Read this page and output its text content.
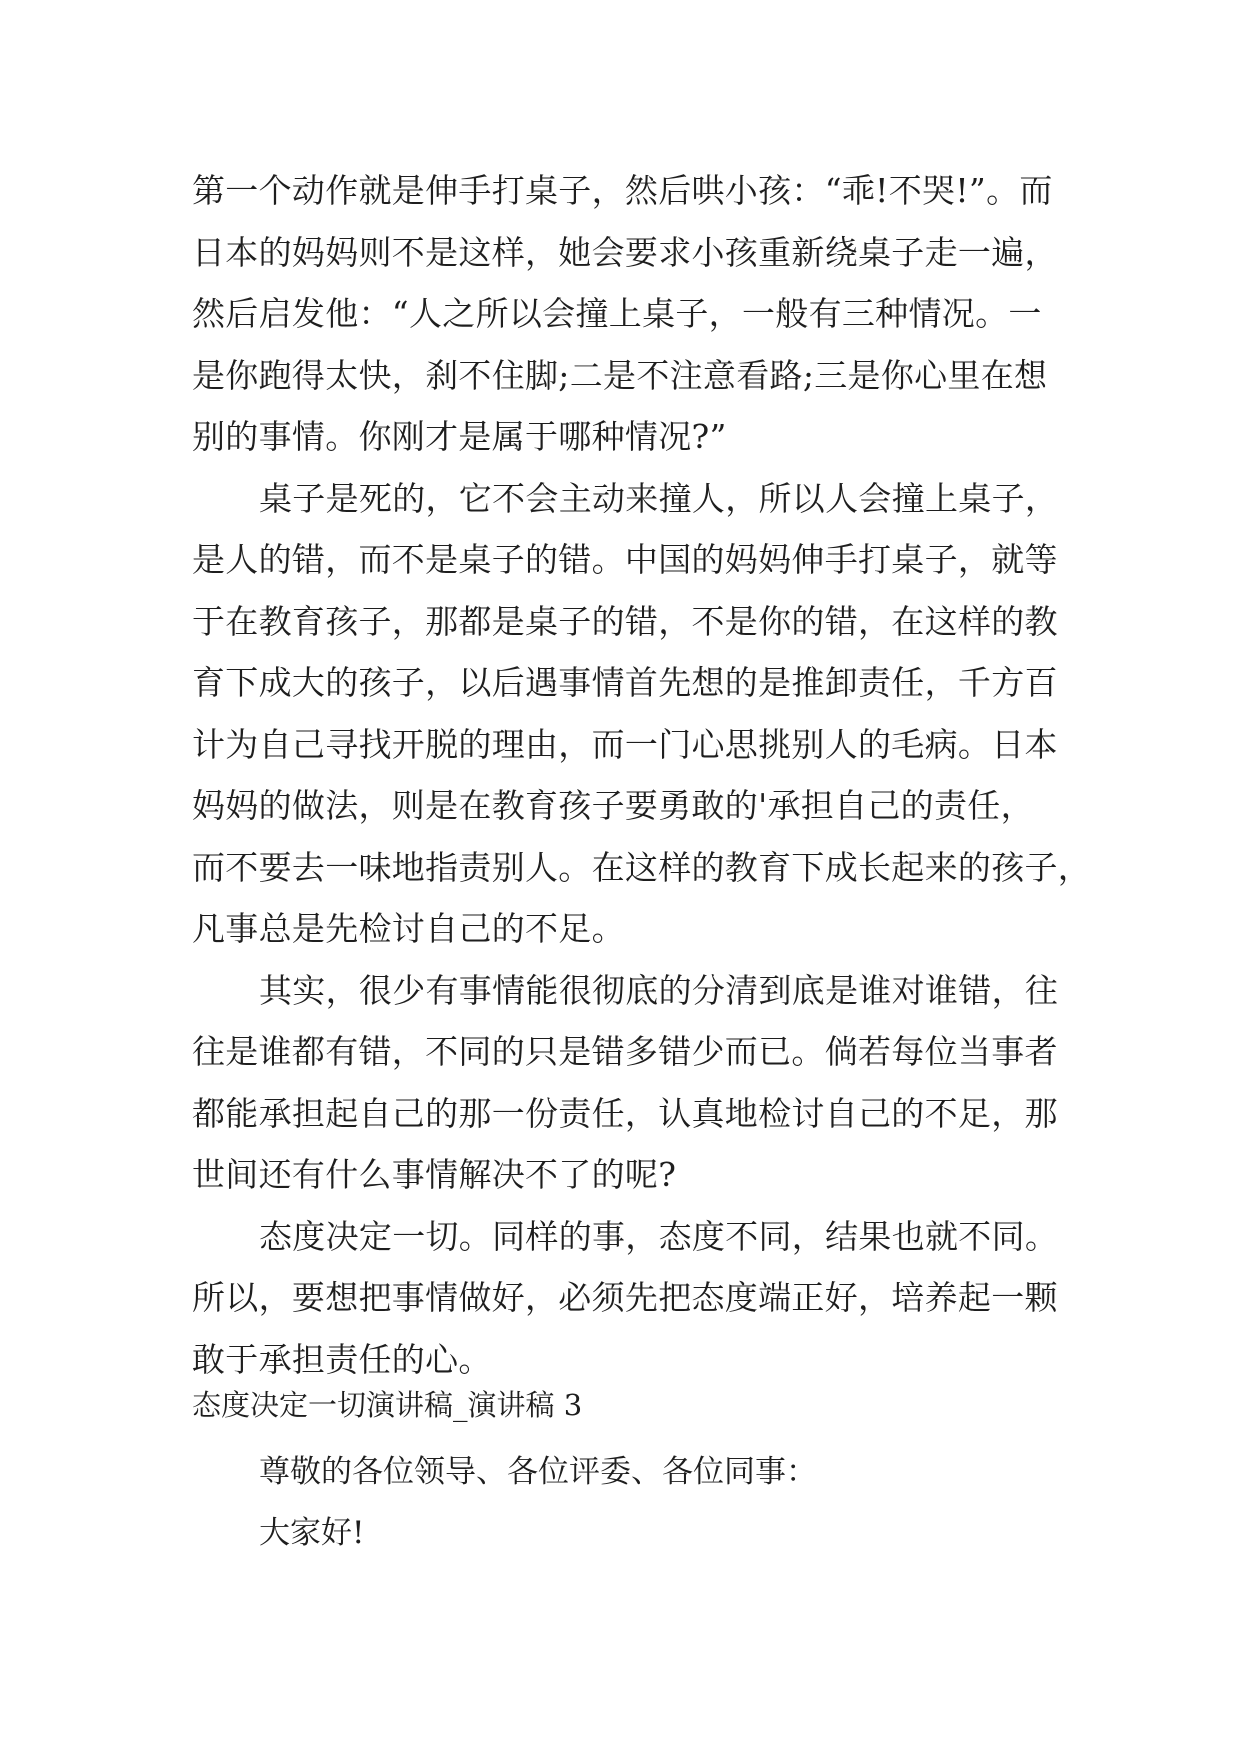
第一个动作就是伸手打桌子，然后哄小孩：“乖!不哭!”。而
日本的妈妈则不是这样，她会要求小孩重新绕桌子走一遍，
然后启发他：“人之所以会撞上桌子，一般有三种情况。一
是你跑得太快，刹不住脚;二是不注意看路;三是你心里在想
别的事情。你刚才是属于哪种情况?”
桌子是死的，它不会主动来撞人，所以人会撞上桌子，
是人的错，而不是桌子的错。中国的妈妈伸手打桌子，就等
于在教育孩子，那都是桌子的错，不是你的错，在这样的教
育下成大的孩子，以后遇事情首先想的是推卸责任，千方百
计为自己寻找开脱的理由，而一门心思挑别人的毛病。日本
妈妈的做法，则是在教育孩子要勇敢的'承担自己的责任，
而不要去一味地指责别人。在这样的教育下成长起来的孩子，
凡事总是先检讨自己的不足。
其实，很少有事情能很彻底的分清到底是谁对谁错，往
往是谁都有错，不同的只是错多错少而已。倘若每位当事者
都能承担起自己的那一份责任，认真地检讨自己的不足，那
世间还有什么事情解决不了的呢?
态度决定一切。同样的事，态度不同，结果也就不同。
所以，要想把事情做好，必须先把态度端正好，培养起一颗
敢于承担责任的心。
态度决定一切演讲稿_演讲稿 3
尊敬的各位领导、各位评委、各位同事：
大家好!
